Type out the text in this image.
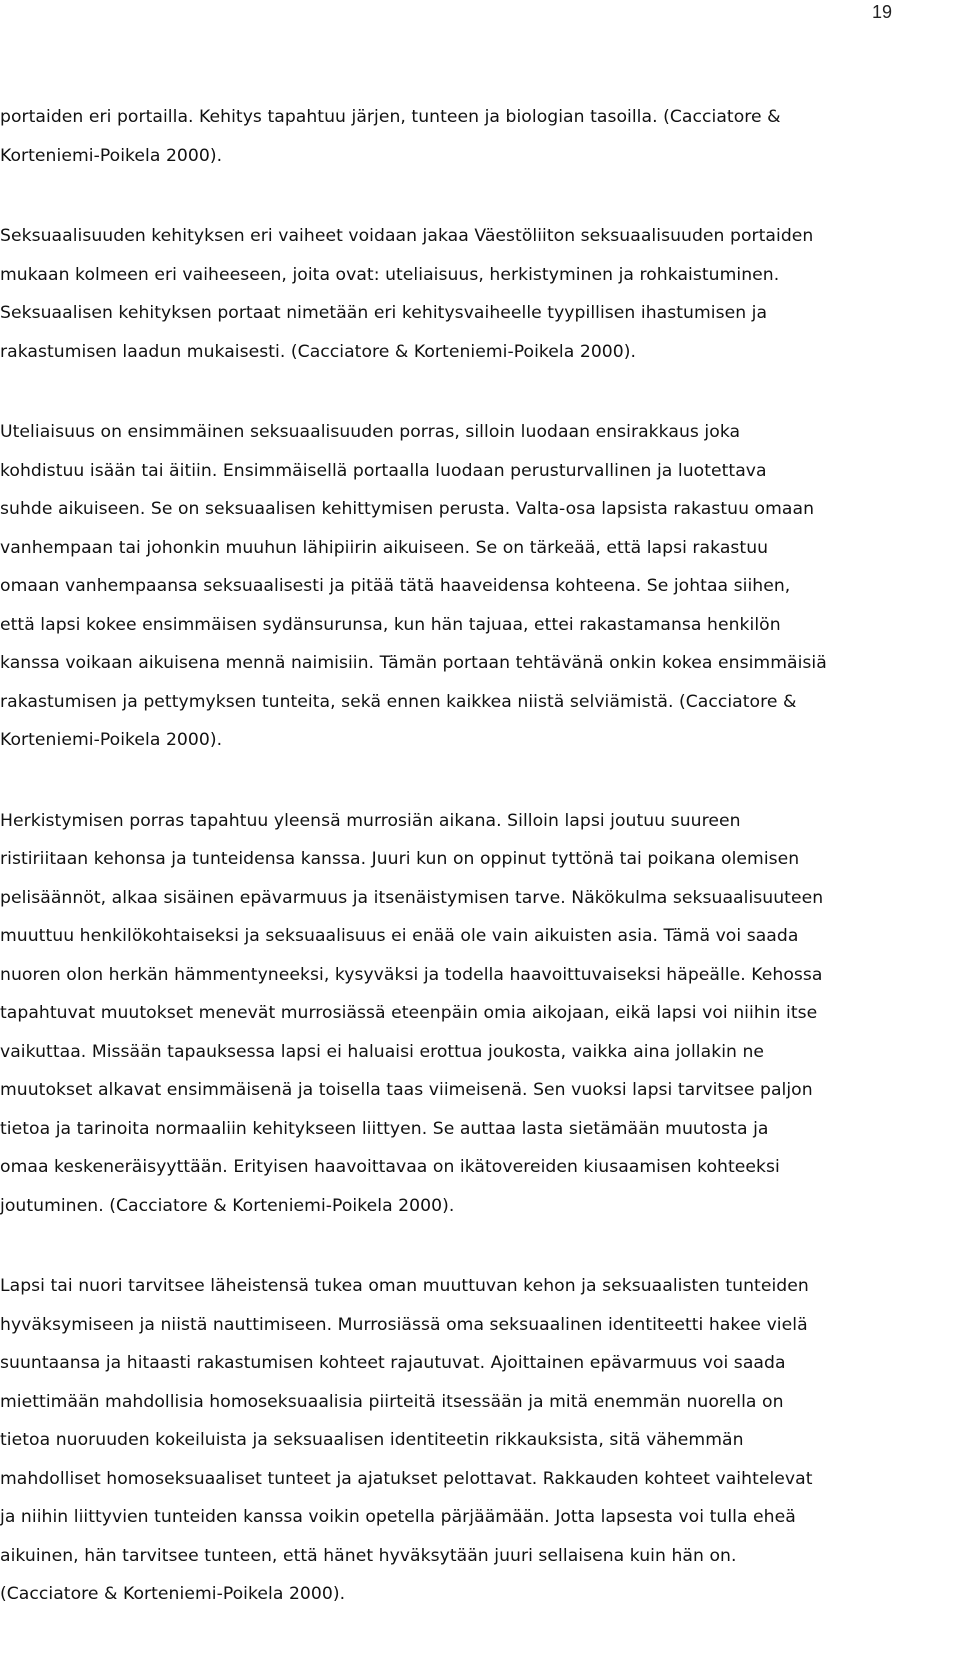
19

portaiden eri portailla. Kehitys tapahtuu järjen, tunteen ja biologian tasoilla. (Cacciatore &
Korteniemi-Poikela 2000).

Seksuaalisuuden kehityksen eri vaiheet voidaan jakaa Väestöliiton seksuaalisuuden portaiden
mukaan kolmeen eri vaiheeseen, joita ovat: uteliaisuus, herkistyminen ja rohkaistuminen.
Seksuaalisen kehityksen portaat nimetään eri kehitysvaiheelle tyypillisen ihastumisen ja
rakastumisen laadun mukaisesti. (Cacciatore & Korteniemi-Poikela 2000).

Uteliaisuus on ensimmäinen seksuaalisuuden porras, silloin luodaan ensirakkaus joka
kohdistuu isään tai äitiin. Ensimmäisellä portaalla luodaan perusturvallinen ja luotettava
suhde aikuiseen. Se on seksuaalisen kehittymisen perusta. Valta-osa lapsista rakastuu omaan
vanhempaan tai johonkin muuhun lähipiirin aikuiseen. Se on tärkeää, että lapsi rakastuu
omaan vanhempaansa seksuaalisesti ja pitää tätä haaveidensa kohteena. Se johtaa siihen,
että lapsi kokee ensimmäisen sydänsurunsa, kun hän tajuaa, ettei rakastamansa henkilön
kanssa voikaan aikuisena mennä naimisiin. Tämän portaan tehtävänä onkin kokea ensimmäisiä
rakastumisen ja pettymyksen tunteita, sekä ennen kaikkea niistä selviämistä. (Cacciatore &
Korteniemi-Poikela 2000).

Herkistymisen porras tapahtuu yleensä murrosiän aikana. Silloin lapsi joutuu suureen
ristiriitaan kehonsa ja tunteidensa kanssa. Juuri kun on oppinut tyttönä tai poikana olemisen
pelisäännöt, alkaa sisäinen epävarmuus ja itsenäistymisen tarve. Näkökulma seksuaalisuuteen
muuttuu henkilökohtaiseksi ja seksuaalisuus ei enää ole vain aikuisten asia. Tämä voi saada
nuoren olon herkän hämmentyneeksi, kysyväksi ja todella haavoittuvaiseksi häpeälle. Kehossa
tapahtuvat muutokset menevät murrosiässä eteenpäin omia aikojaan, eikä lapsi voi niihin itse
vaikuttaa. Missään tapauksessa lapsi ei haluaisi erottua joukosta, vaikka aina jollakin ne
muutokset alkavat ensimmäisenä ja toisella taas viimeisenä. Sen vuoksi lapsi tarvitsee paljon
tietoa ja tarinoita normaaliin kehitykseen liittyen. Se auttaa lasta sietämään muutosta ja
omaa keskeneräisyyttään. Erityisen haavoittavaa on ikätovereiden kiusaamisen kohteeksi
joutuminen. (Cacciatore & Korteniemi-Poikela 2000).

Lapsi tai nuori tarvitsee läheistensä tukea oman muuttuvan kehon ja seksuaalisten tunteiden
hyväksymiseen ja niistä nauttimiseen. Murrosiässä oma seksuaalinen identiteetti hakee vielä
suuntaansa ja hitaasti rakastumisen kohteet rajautuvat. Ajoittainen epävarmuus voi saada
miettimään mahdollisia homoseksuaalisia piirteitä itsessään ja mitä enemmän nuorella on
tietoa nuoruuden kokeiluista ja seksuaalisen identiteetin rikkauksista, sitä vähemmän
mahdolliset homoseksuaaliset tunteet ja ajatukset pelottavat. Rakkauden kohteet vaihtelevat
ja niihin liittyvien tunteiden kanssa voikin opetella pärjäämään. Jotta lapsesta voi tulla eheä
aikuinen, hän tarvitsee tunteen, että hänet hyväksytään juuri sellaisena kuin hän on.
(Cacciatore & Korteniemi-Poikela 2000).
